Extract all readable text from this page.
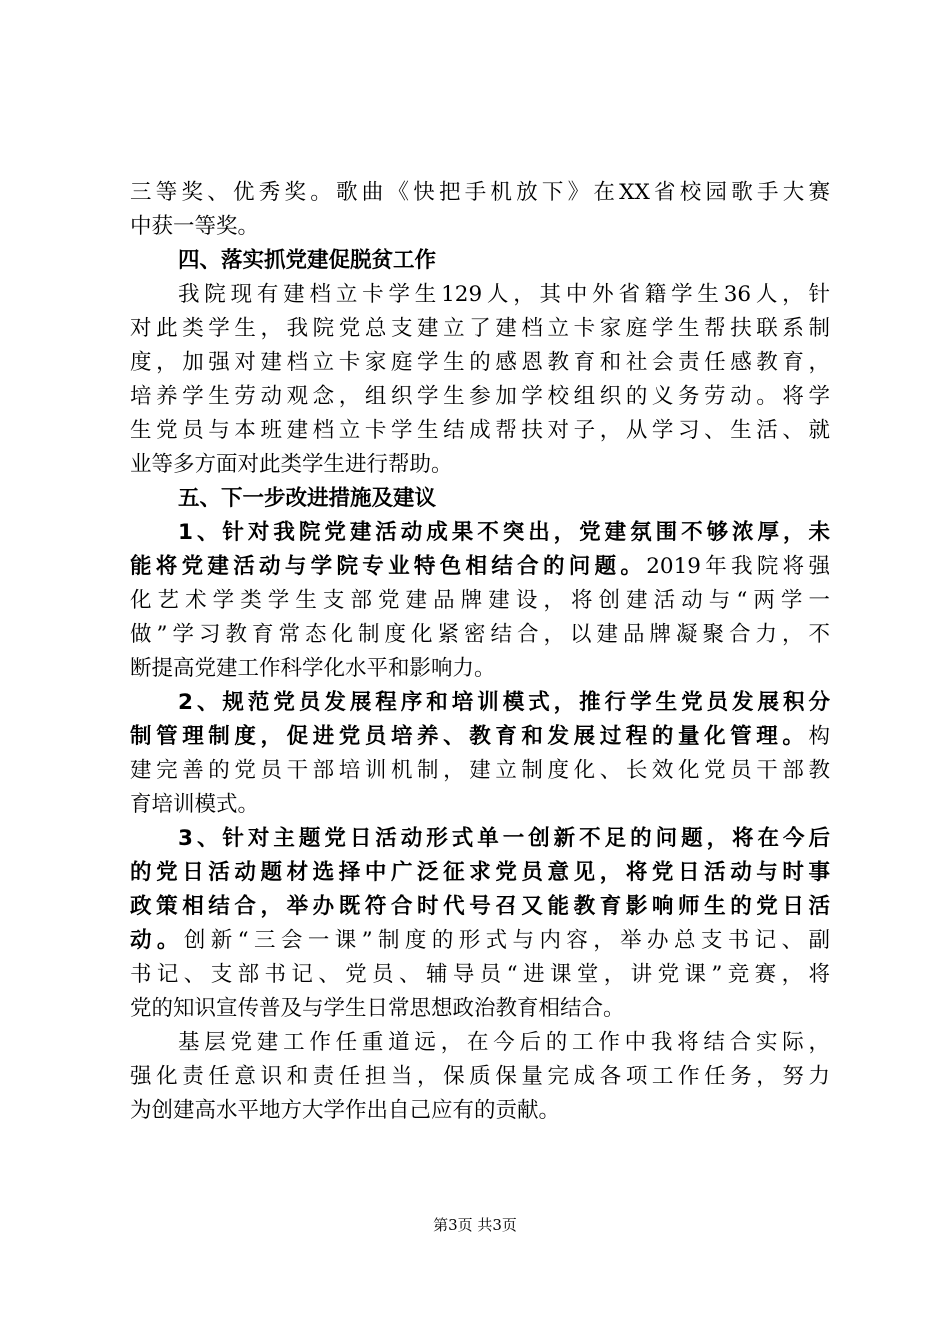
三等奖、优秀奖。歌曲《快把手机放下》在XX省校园歌手大赛
中获一等奖。
四、落实抓党建促脱贫工作
我院现有建档立卡学生129人，其中外省籍学生36人，针
对此类学生，我院党总支建立了建档立卡家庭学生帮扶联系制
度，加强对建档立卡家庭学生的感恩教育和社会责任感教育，
培养学生劳动观念，组织学生参加学校组织的义务劳动。将学
生党员与本班建档立卡学生结成帮扶对子，从学习、生活、就
业等多方面对此类学生进行帮助。
五、下一步改进措施及建议
1、针对我院党建活动成果不突出，党建氛围不够浓厚，未
能将党建活动与学院专业特色相结合的问题。2019年我院将强
化艺术学类学生支部党建品牌建设，将创建活动与“两学一
做”学习教育常态化制度化紧密结合，以建品牌凝聚合力，不
断提高党建工作科学化水平和影响力。
2、规范党员发展程序和培训模式，推行学生党员发展积分
制管理制度，促进党员培养、教育和发展过程的量化管理。构
建完善的党员干部培训机制，建立制度化、长效化党员干部教
育培训模式。
3、针对主题党日活动形式单一创新不足的问题，将在今后
的党日活动题材选择中广泛征求党员意见，将党日活动与时事
政策相结合，举办既符合时代号召又能教育影响师生的党日活
动。创新“三会一课”制度的形式与内容，举办总支书记、副
书记、支部书记、党员、辅导员“进课堂，讲党课”竞赛，将
党的知识宣传普及与学生日常思想政治教育相结合。
基层党建工作任重道远，在今后的工作中我将结合实际，
强化责任意识和责任担当，保质保量完成各项工作任务，努力
为创建高水平地方大学作出自己应有的贡献。
第3页 共3页
